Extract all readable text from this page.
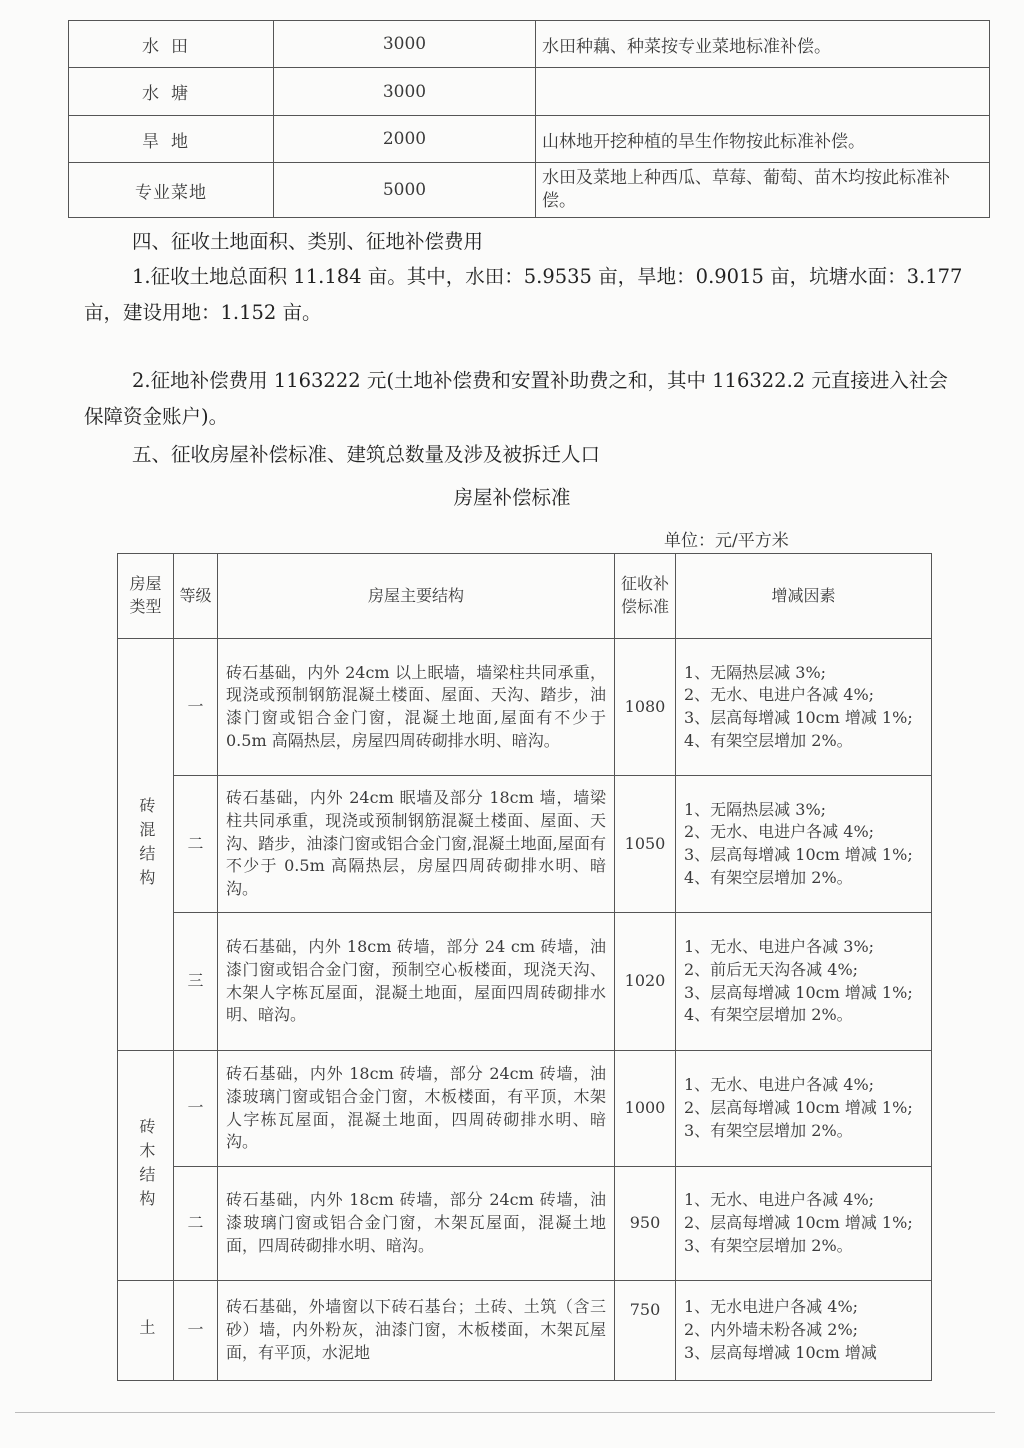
水田	3000	水田种藕、种菜按专业菜地标准补偿。
水塘	3000	
旱地	2000	山林地开挖种植的旱生作物按此标准补偿。
专业菜地	5000	水田及菜地上种西瓜、草莓、葡萄、苗木均按此标准补偿。
四、征收土地面积、类别、征地补偿费用
1.征收土地总面积 11.184 亩。其中，水田：5.9535 亩，旱地：0.9015 亩，坑塘水面：3.177 亩，建设用地：1.152 亩。
2.征地补偿费用 1163222 元(土地补偿费和安置补助费之和，其中 116322.2 元直接进入社会保障资金账户)。
五、征收房屋补偿标准、建筑总数量及涉及被拆迁人口
房屋补偿标准
单位：元/平方米
房屋类型	等级	房屋主要结构	征收补偿标准	增减因素

砖混结构	一	砖石基础，内外 24cm 以上眠墙，墙梁柱共同承重，现浇或预制钢筋混凝土楼面、屋面、天沟、踏步，油漆门窗或铝合金门窗，混凝土地面,屋面有不少于 0.5m 高隔热层，房屋四周砖砌排水明、暗沟。	1080	1、无隔热层减 3%;
2、无水、电进户各减 4%;
3、层高每增减 10cm 增减 1%;
4、有架空层增加 2%。

	二	砖石基础，内外 24cm 眠墙及部分 18cm 墙，墙梁柱共同承重，现浇或预制钢筋混凝土楼面、屋面、天沟、踏步，油漆门窗或铝合金门窗,混凝土地面,屋面有不少于 0.5m 高隔热层，房屋四周砖砌排水明、暗沟。	1050	1、无隔热层减 3%;
2、无水、电进户各减 4%;
3、层高每增减 10cm 增减 1%;
4、有架空层增加 2%。

	三	砖石基础，内外 18cm 砖墙，部分 24 cm 砖墙，油漆门窗或铝合金门窗，预制空心板楼面，现浇天沟、木架人字栋瓦屋面，混凝土地面，屋面四周砖砌排水明、暗沟。	1020	1、无水、电进户各减 3%;
2、前后无天沟各减 4%;
3、层高每增减 10cm 增减 1%;
4、有架空层增加 2%。

砖木结构	一	砖石基础，内外 18cm 砖墙，部分 24cm 砖墙，油漆玻璃门窗或铝合金门窗，木板楼面，有平顶，木架人字栋瓦屋面，混凝土地面，四周砖砌排水明、暗沟。	1000	1、无水、电进户各减 4%;
2、层高每增减 10cm 增减 1%;
3、有架空层增加 2%。

	二	砖石基础，内外 18cm 砖墙，部分 24cm 砖墙，油漆玻璃门窗或铝合金门窗，木架瓦屋面，混凝土地面，四周砖砌排水明、暗沟。	950	1、无水、电进户各减 4%;
2、层高每增减 10cm 增减 1%;
3、有架空层增加 2%。

土	一	砖石基础，外墙窗以下砖石基台；土砖、土筑（含三砂）墙，内外粉灰，油漆门窗，木板楼面，木架瓦屋面，有平顶，水泥地	750	1、无水电进户各减 4%;
2、内外墙未粉各减 2%;
3、层高每增减 10cm 增减
